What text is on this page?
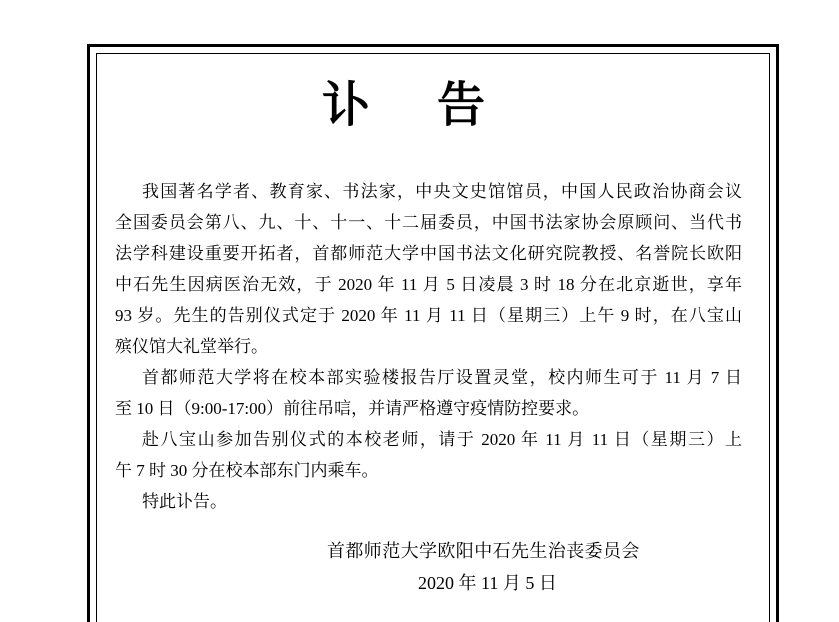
讣告
我国著名学者、教育家、书法家，中央文史馆馆员，中国人民政治协商会议
全国委员会第八、九、十、十一、十二届委员，中国书法家协会原顾问、当代书
法学科建设重要开拓者，首都师范大学中国书法文化研究院教授、名誉院长欧阳
中石先生因病医治无效，于 2020 年 11 月 5 日凌晨 3 时 18 分在北京逝世，享年
93 岁。先生的告别仪式定于 2020 年 11 月 11 日（星期三）上午 9 时，在八宝山
殡仪馆大礼堂举行。
首都师范大学将在校本部实验楼报告厅设置灵堂，校内师生可于 11 月 7 日
至 10 日（9:00-17:00）前往吊唁，并请严格遵守疫情防控要求。
赴八宝山参加告别仪式的本校老师，请于 2020 年 11 月 11 日（星期三）上
午 7 时 30 分在校本部东门内乘车。
特此讣告。
首都师范大学欧阳中石先生治丧委员会
2020 年 11 月 5 日
